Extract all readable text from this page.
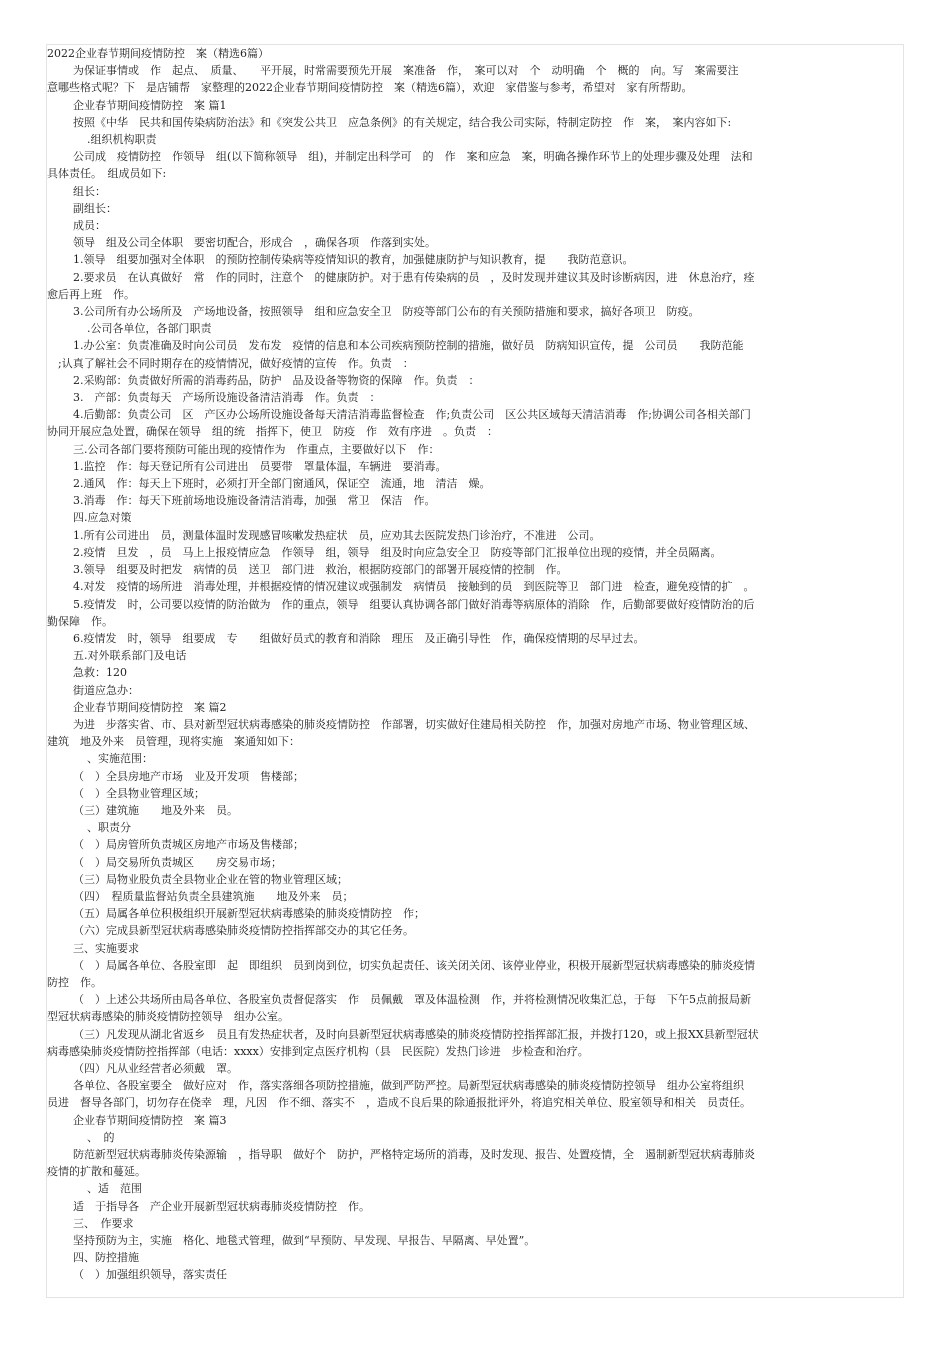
2022企业春节期间疫情防控　案（精选6篇）
为保证事情或　作　起点、　质量、　　平开展，时常需要预先开展　案准备　作，　案可以对　个　动明确　个　概的　向。写　案需要注
意哪些格式呢？下　是店铺帮　家整理的2022企业春节期间疫情防控　案（精选6篇），欢迎　家借鉴与参考，希望对　家有所帮助。
企业春节期间疫情防控　案 篇1
按照《中华　民共和国传染病防治法》和《突发公共卫　应急条例》的有关规定，结合我公司实际，特制定防控　作　案，　案内容如下:
.组织机构职责
公司成　疫情防控　作领导　组(以下简称领导　组)，并制定出科学可　的　作　案和应急　案，明确各操作环节上的处理步骤及处理　法和
具体责任。　组成员如下:
组长：
副组长：
成员：
领导　组及公司全体职　要密切配合，形成合　，确保各项　作落到实处。
1.领导　组要加强对全体职　的预防控制传染病等疫情知识的教育，加强健康防护与知识教育，提　　我防范意识。
2.要求员　在认真做好　常　作的同时，注意个　的健康防护。对于患有传染病的员　，及时发现并建议其及时诊断病因，进　休息治疗，痊
愈后再上班　作。
3.公司所有办公场所及　产场地设备，按照领导　组和应急安全卫　防疫等部门公布的有关预防措施和要求，搞好各项卫　防疫。
.公司各单位，各部门职责
1.办公室：负责准确及时向公司员　发布发　疫情的信息和本公司疾病预防控制的措施，做好员　防病知识宣传，提　公司员　　我防范能
　;认真了解社会不同时期存在的疫情情况，做好疫情的宣传　作。负责　：
2.采购部：负责做好所需的消毒药品，防护　品及设备等物资的保障　作。负责　：
3.　产部：负责每天　产场所设施设备清洁消毒　作。负责　：
4.后勤部：负责公司　区　产区办公场所设施设备每天清洁消毒监督检查　作;负责公司　区公共区域每天清洁消毒　作;协调公司各相关部门
协同开展应急处置，确保在领导　组的统　指挥下，使卫　防疫　作　效有序进　。负责　：
三.公司各部门要将预防可能出现的疫情作为　作重点，主要做好以下　作：
1.监控　作：每天登记所有公司进出　员要带　罩量体温，车辆进　要消毒。
2.通风　作：每天上下班时，必须打开全部门窗通风，保证空　流通，地　清洁　燥。
3.消毒　作：每天下班前场地设施设备清洁消毒，加强　常卫　保洁　作。
四.应急对策
1.所有公司进出　员，测量体温时发现感冒咳嗽发热症状　员，应劝其去医院发热门诊治疗，不准进　公司。
2.疫情　旦发　，员　马上上报疫情应急　作领导　组，领导　组及时向应急安全卫　防疫等部门汇报单位出现的疫情，并全员隔离。
3.领导　组要及时把发　病情的员　送卫　部门进　救治，根据防疫部门的部署开展疫情的控制　作。
4.对发　疫情的场所进　消毒处理，并根据疫情的情况建议或强制发　病情员　接触到的员　到医院等卫　部门进　检查，避免疫情的扩　。
5.疫情发　时，公司要以疫情的防治做为　作的重点，领导　组要认真协调各部门做好消毒等病原体的消除　作，后勤部要做好疫情防治的后
勤保障　作。
6.疫情发　时，领导　组要成　专　　组做好员式的教育和消除　理压　及正确引导性　作，确保疫情期的尽早过去。
五.对外联系部门及电话
急救：120
街道应急办：
企业春节期间疫情防控　案 篇2
为进　步落实省、市、县对新型冠状病毒感染的肺炎疫情防控　作部署，切实做好住建局相关防控　作，加强对房地产市场、物业管理区域、
建筑　地及外来　员管理，现将实施　案通知如下：
、实施范围：
（　）全县房地产市场　业及开发项　售楼部；
（　）全县物业管理区域；
（三）建筑施　　地及外来　员。
、职责分
（　）局房管所负责城区房地产市场及售楼部；
（　）局交易所负责城区　　房交易市场；
（三）局物业股负责全县物业企业在管的物业管理区域；
（四）　程质量监督站负责全县建筑施　　地及外来　员；
（五）局属各单位积极组织开展新型冠状病毒感染的肺炎疫情防控　作；
（六）完成县新型冠状病毒感染肺炎疫情防控指挥部交办的其它任务。
三、实施要求
（　）局属各单位、各股室即　起　即组织　员到岗到位，切实负起责任、该关闭关闭、该停业停业，积极开展新型冠状病毒感染的肺炎疫情
防控　作。
（　）上述公共场所由局各单位、各股室负责督促落实　作　员佩戴　罩及体温检测　作，并将检测情况收集汇总，于每　下午5点前报局新
型冠状病毒感染的肺炎疫情防控领导　组办公室。
（三）凡发现从湖北省返乡　员且有发热症状者，及时向县新型冠状病毒感染的肺炎疫情防控指挥部汇报，并拨打120，或上报XX县新型冠状
病毒感染肺炎疫情防控指挥部（电话：xxxx）安排到定点医疗机构（县　民医院）发热门诊进　步检查和治疗。
（四）凡从业经营者必须戴　罩。
各单位、各股室要全　做好应对　作，落实落细各项防控措施，做到严防严控。局新型冠状病毒感染的肺炎疫情防控领导　组办公室将组织
员进　督导各部门，切勿存在侥幸　理，凡因　作不细、落实不　，造成不良后果的除通报批评外，将追究相关单位、股室领导和相关　员责任。
企业春节期间疫情防控　案 篇3
、　的
防范新型冠状病毒肺炎传染源输　，指导职　做好个　防护，严格特定场所的消毒，及时发现、报告、处置疫情，全　遏制新型冠状病毒肺炎
疫情的扩散和蔓延。
、适　范围
适　于指导各　产企业开展新型冠状病毒肺炎疫情防控　作。
三、　作要求
坚持预防为主，实施　格化、地毯式管理，做到“早预防、早发现、早报告、早隔离、早处置”。
四、防控措施
（　）加强组织领导，落实责任
